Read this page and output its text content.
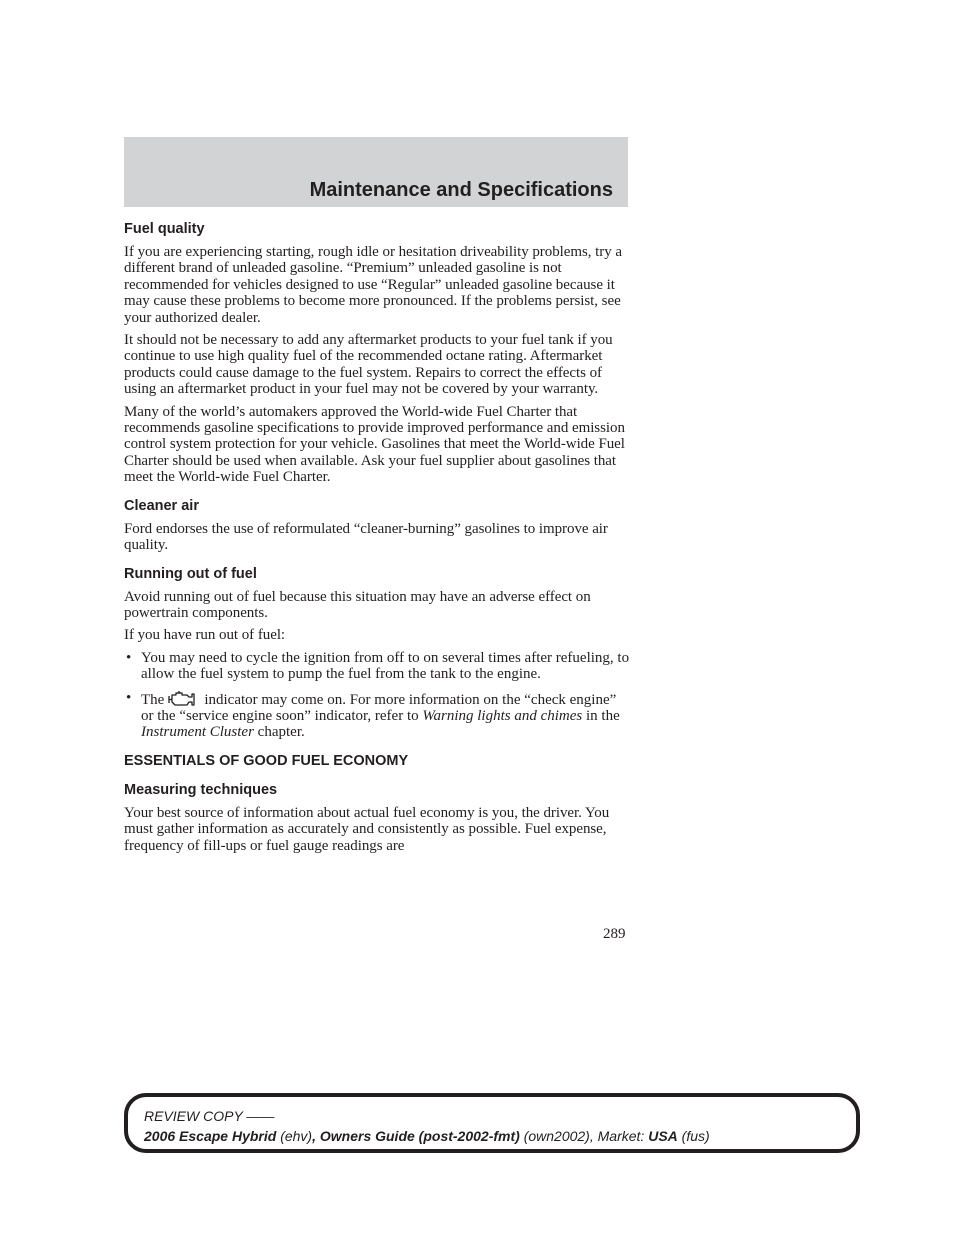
Maintenance and Specifications
Fuel quality

If you are experiencing starting, rough idle or hesitation driveability problems, try a different brand of unleaded gasoline. “Premium” unleaded gasoline is not recommended for vehicles designed to use “Regular” unleaded gasoline because it may cause these problems to become more pronounced. If the problems persist, see your authorized dealer.

It should not be necessary to add any aftermarket products to your fuel tank if you continue to use high quality fuel of the recommended octane rating. Aftermarket products could cause damage to the fuel system. Repairs to correct the effects of using an aftermarket product in your fuel may not be covered by your warranty.

Many of the world’s automakers approved the World-wide Fuel Charter that recommends gasoline specifications to provide improved performance and emission control system protection for your vehicle. Gasolines that meet the World-wide Fuel Charter should be used when available. Ask your fuel supplier about gasolines that meet the World-wide Fuel Charter.

Cleaner air

Ford endorses the use of reformulated “cleaner-burning” gasolines to improve air quality.

Running out of fuel

Avoid running out of fuel because this situation may have an adverse effect on powertrain components.

If you have run out of fuel:

• You may need to cycle the ignition from off to on several times after refueling, to allow the fuel system to pump the fuel from the tank to the engine.
• The	indicator may come on. For more information on the “check engine” or the “service engine soon” indicator, refer to Warning lights and chimes in the Instrument Cluster chapter.
ESSENTIALS OF GOOD FUEL ECONOMY
Measuring techniques

Your best source of information about actual fuel economy is you, the driver. You must gather information as accurately and consistently as possible. Fuel expense, frequency of fill-ups or fuel gauge readings are

289
REVIEW COPY ——
2006 Escape Hybrid (ehv), Owners Guide (post-2002-fmt) (own2002), Market: USA (fus)
